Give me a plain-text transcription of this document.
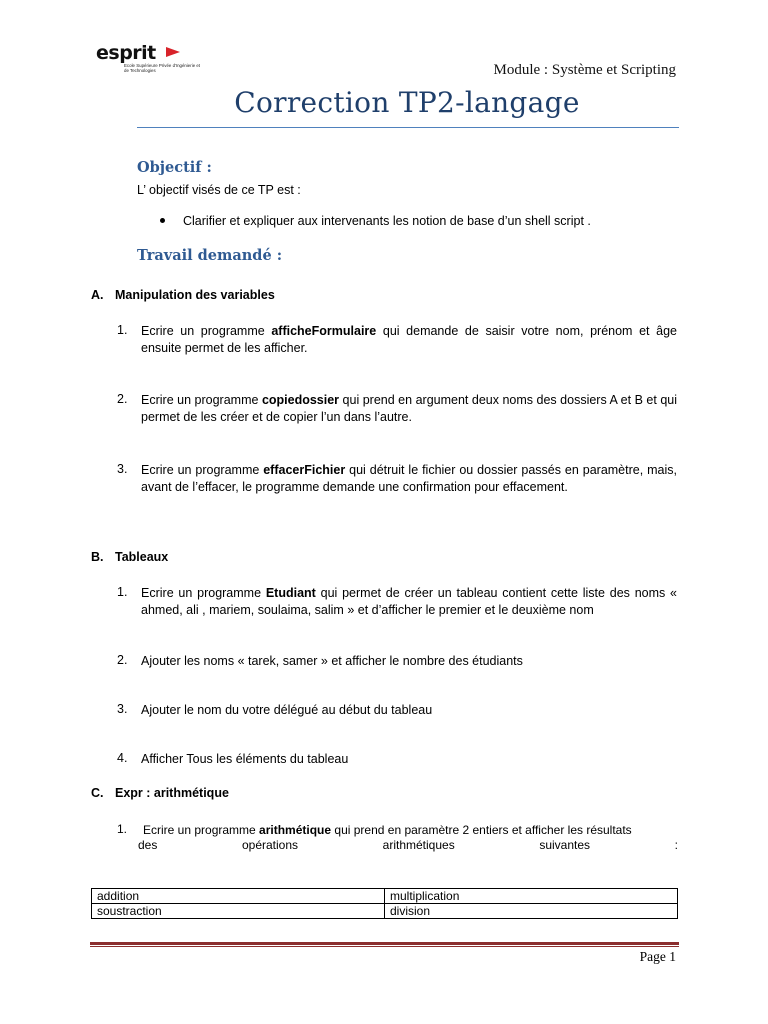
esprit
Ecole Supérieure Privée d'Ingénierie et de Technologies	Module : Système et Scripting
Correction TP2-langage
Objectif :
L’ objectif visés de ce TP est :
Clarifier et expliquer aux intervenants les notion de base d’un shell script .
Travail demandé :
A. Manipulation des variables
1. Ecrire un programme afficheFormulaire qui demande de saisir votre nom, prénom et âge ensuite permet de les afficher.
2. Ecrire un programme copiedossier qui prend en argument deux noms des dossiers A et B et qui permet de les créer et de copier l’un dans l’autre.
3. Ecrire un programme effacerFichier qui détruit le fichier ou dossier passés en paramètre, mais, avant de l’effacer, le programme demande une confirmation pour effacement.
B. Tableaux
1. Ecrire un programme Etudiant qui permet de créer un tableau contient cette liste des noms « ahmed, ali , mariem, soulaima, salim » et d’afficher le premier et le deuxième nom
2. Ajouter les noms « tarek, samer » et afficher le nombre des étudiants
3. Ajouter le nom du votre délégué au début du tableau
4. Afficher Tous les éléments du tableau
C. Expr : arithmétique
1. Ecrire un programme arithmétique qui prend en paramètre 2 entiers et afficher les résultats
des	opérations	arithmétiques	suivantes	:
addition	multiplication
soustraction	division
Page 1
